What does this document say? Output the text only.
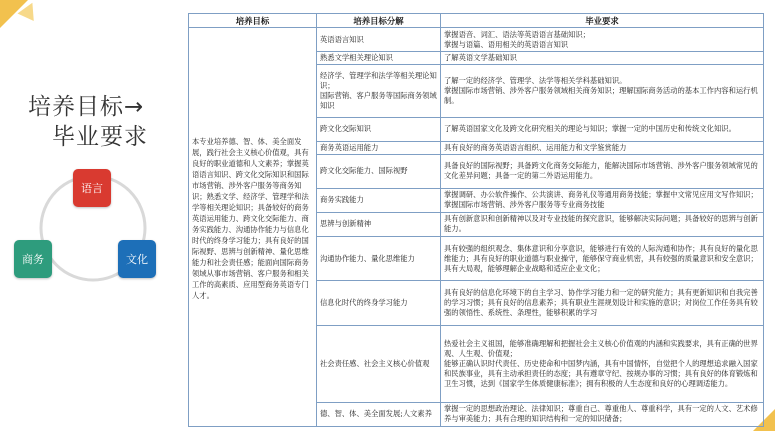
培养目标→
毕业要求
语言
商务	文化
培养目标	培养目标分解	毕业要求
本专业培养德、智、体、美全面发展，践行社会主义核心价值观，具有良好的职业道德和人文素养；掌握英语语言知识、跨文化交际知识和国际市场营销、涉外客户服务等商务知识；熟悉文学、经济学、管理学和法学等相关理论知识；具备较好的商务英语运用能力、跨文化交际能力、商务实践能力、沟通协作能力与信息化时代的终身学习能力；具有良好的国际视野、思辨与创新精神、量化思维能力和社会责任感；能面向国际商务领域从事市场营销、客户服务和相关工作的高素质、应用型商务英语专门人才。	英语语言知识	掌握语音、词汇、语法等英语语言基础知识；
掌握与语篇、语用相关的英语语言知识

	熟悉文学相关理论知识	了解英语文学基础知识

	经济学、管理学和法学等相关理论知识；
国际营销、客户服务等国际商务领域知识	了解一定的经济学、管理学、法学等相关学科基础知识。
掌握国际市场营销、涉外客户服务领域相关商务知识；理解国际商务活动的基本工作内容和运行机制。

	跨文化交际知识	了解英语国家文化及跨文化研究相关的理论与知识；掌握一定的中国历史和传统文化知识。
	商务英语运用能力	具有良好的商务英语语言组织、运用能力和文学鉴赏能力
	跨文化交际能力、国际视野	具备良好的国际视野；具备跨文化商务交际能力，能解决国际市场营销、涉外客户服务领域常见的文化差异问题；具备一定的第二外语运用能力。
	商务实践能力	掌握调研、办公软件操作、公共演讲、商务礼仪等通用商务技能；掌握中文常见应用文写作知识；掌握国际市场营销、涉外客户服务等专业商务技能
	思辨与创新精神	具有创新意识和创新精神以及对专业技能的探究意识，能够解决实际问题；具备较好的思辨与创新能力。
	沟通协作能力、量化思维能力	具有较强的组织观念、集体意识和分享意识，能够进行有效的人际沟通和协作；具有良好的量化思维能力；具有良好的职业道德与职业操守，能够保守商业机密，具有较强的质量意识和安全意识；具有大局观，能够理解企业战略和适应企业文化；
	信息化时代的终身学习能力	具有良好的信息化环境下的自主学习、协作学习能力和一定的研究能力；具有更新知识和自我完善的学习习惯；具有良好的信息素养；具有职业生涯规划设计和实施的意识；对岗位工作任务具有较强的领悟性、系统性、条理性，能够积累的学习
	社会责任感、社会主义核心价值观	热爱社会主义祖国，能够准确理解和把握社会主义核心价值观的内涵和实践要求，具有正确的世界观、人生观、价值观；
能够正确认识时代责任、历史使命和中国梦内涵，具有中国情怀，自觉把个人的理想追求融入国家和民族事业，具有主动承担责任的态度；具有遵章守纪、按规办事的习惯；具有良好的体育锻炼和卫生习惯，达到《国家学生体质健康标准》；拥有积极的人生态度和良好的心理调适能力。

	德、智、体、美全面发展;人文素养	掌握一定的思想政治理论、法律知识；尊重自己、尊重他人、尊重科学，具有一定的人文、艺术修养与审美能力；具有合理的知识结构和一定的知识储备；
